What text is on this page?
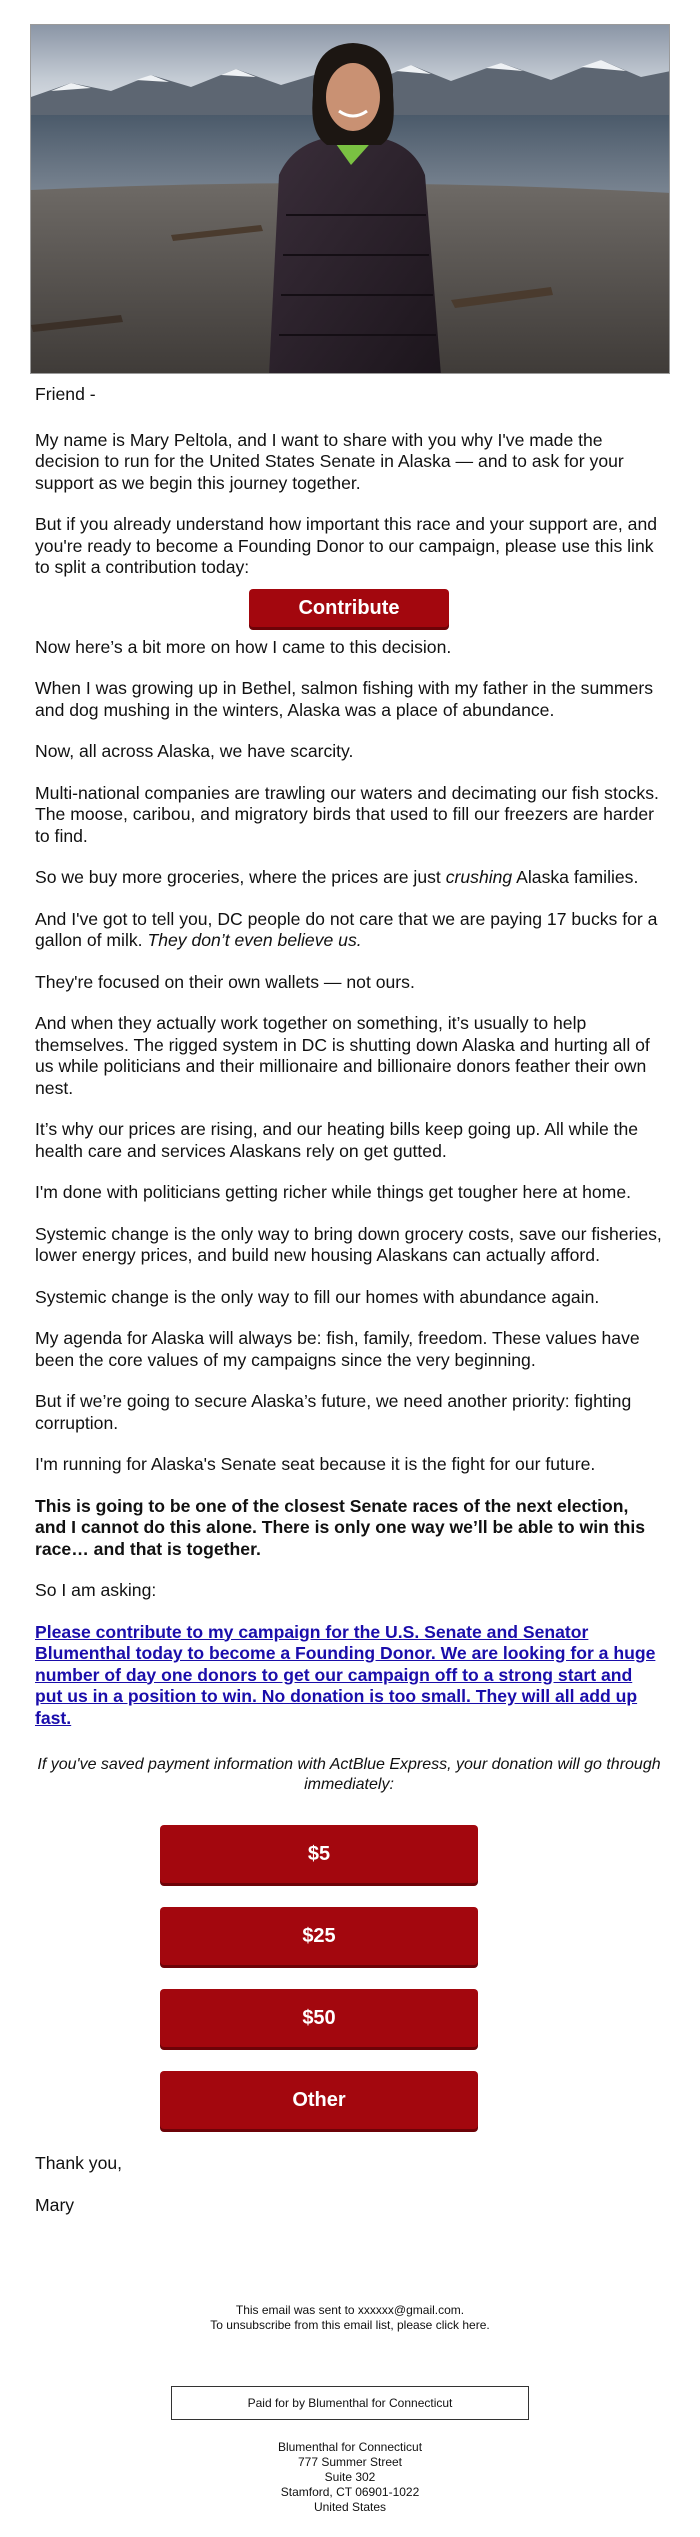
Friend -

My name is Mary Peltola, and I want to share with you why I've made the decision to run for the United States Senate in Alaska — and to ask for your support as we begin this journey together.

But if you already understand how important this race and your support are, and you're ready to become a Founding Donor to our campaign, please use this link to split a contribution today:

Contribute

Now here’s a bit more on how I came to this decision.

When I was growing up in Bethel, salmon fishing with my father in the summers and dog mushing in the winters, Alaska was a place of abundance.

Now, all across Alaska, we have scarcity.

Multi-national companies are trawling our waters and decimating our fish stocks. The moose, caribou, and migratory birds that used to fill our freezers are harder to find.

So we buy more groceries, where the prices are just crushing Alaska families.

And I've got to tell you, DC people do not care that we are paying 17 bucks for a gallon of milk. They don’t even believe us.

They're focused on their own wallets — not ours.

And when they actually work together on something, it’s usually to help themselves. The rigged system in DC is shutting down Alaska and hurting all of us while politicians and their millionaire and billionaire donors feather their own nest.

It’s why our prices are rising, and our heating bills keep going up. All while the health care and services Alaskans rely on get gutted.

I'm done with politicians getting richer while things get tougher here at home.

Systemic change is the only way to bring down grocery costs, save our fisheries, lower energy prices, and build new housing Alaskans can actually afford.

Systemic change is the only way to fill our homes with abundance again.

My agenda for Alaska will always be: fish, family, freedom. These values have been the core values of my campaigns since the very beginning.

But if we’re going to secure Alaska’s future, we need another priority: fighting corruption.

I'm running for Alaska's Senate seat because it is the fight for our future.

This is going to be one of the closest Senate races of the next election, and I cannot do this alone. There is only one way we’ll be able to win this race… and that is together.

So I am asking:

Please contribute to my campaign for the U.S. Senate and Senator Blumenthal today to become a Founding Donor. We are looking for a huge number of day one donors to get our campaign off to a strong start and put us in a position to win. No donation is too small. They will all add up fast.

If you've saved payment information with ActBlue Express, your donation will go through immediately:

$5
$25
$50
Other

Thank you,

Mary

This email was sent to xxxxxx@gmail.com.
To unsubscribe from this email list, please click here.
Paid for by Blumenthal for Connecticut
Blumenthal for Connecticut
777 Summer Street
Suite 302
Stamford, CT 06901-1022
United States
